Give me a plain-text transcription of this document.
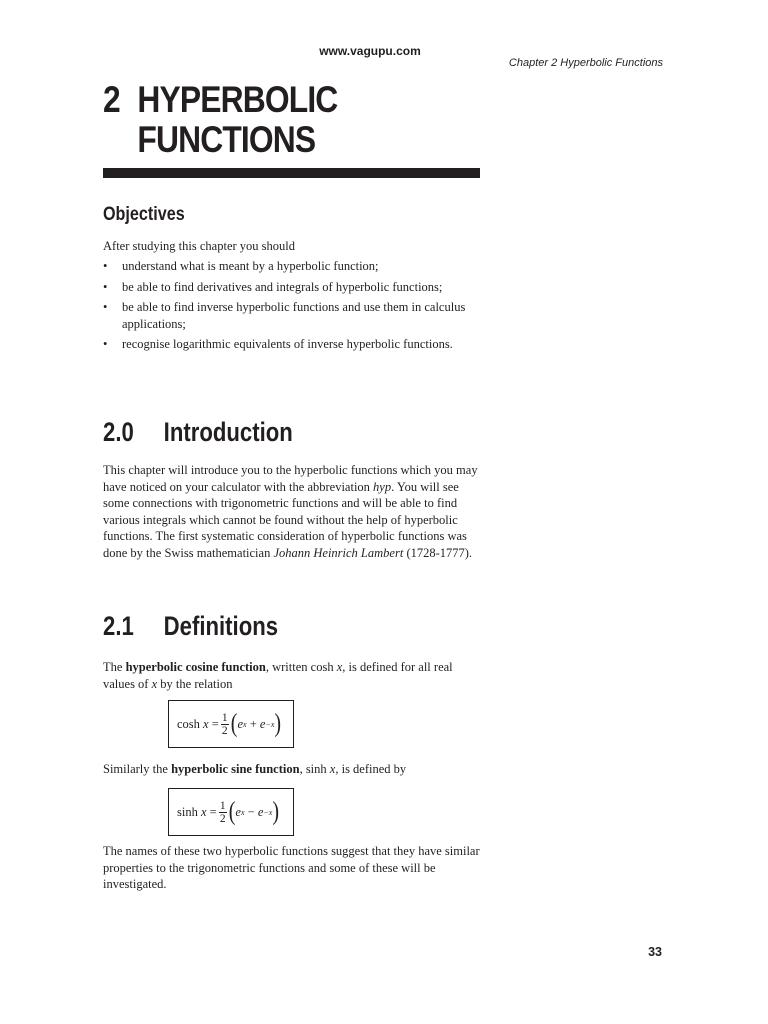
www.vagupu.com
Chapter 2 Hyperbolic Functions
2 HYPERBOLIC
FUNCTIONS
Objectives
After studying this chapter you should
• understand what is meant by a hyperbolic function;
• be able to find derivatives and integrals of hyperbolic functions;
• be able to find inverse hyperbolic functions and use them in calculus applications;
• recognise logarithmic equivalents of inverse hyperbolic functions.
2.0 Introduction
This chapter will introduce you to the hyperbolic functions which you may have noticed on your calculator with the abbreviation hyp. You will see some connections with trigonometric functions and will be able to find various integrals which cannot be found without the help of hyperbolic functions. The first systematic consideration of hyperbolic functions was done by the Swiss mathematician Johann Heinrich Lambert (1728-1777).
2.1 Definitions
The hyperbolic cosine function, written cosh x, is defined for all real values of x by the relation
cosh
x
= $\frac{1}{2}$ ( e x
+
e −x )
Similarly the hyperbolic sine function, sinh x, is defined by
sinh
x
= $\frac{1}{2}$ ( e x
−
e −x )
The names of these two hyperbolic functions suggest that they have similar properties to the trigonometric functions and some of these will be investigated.
33
